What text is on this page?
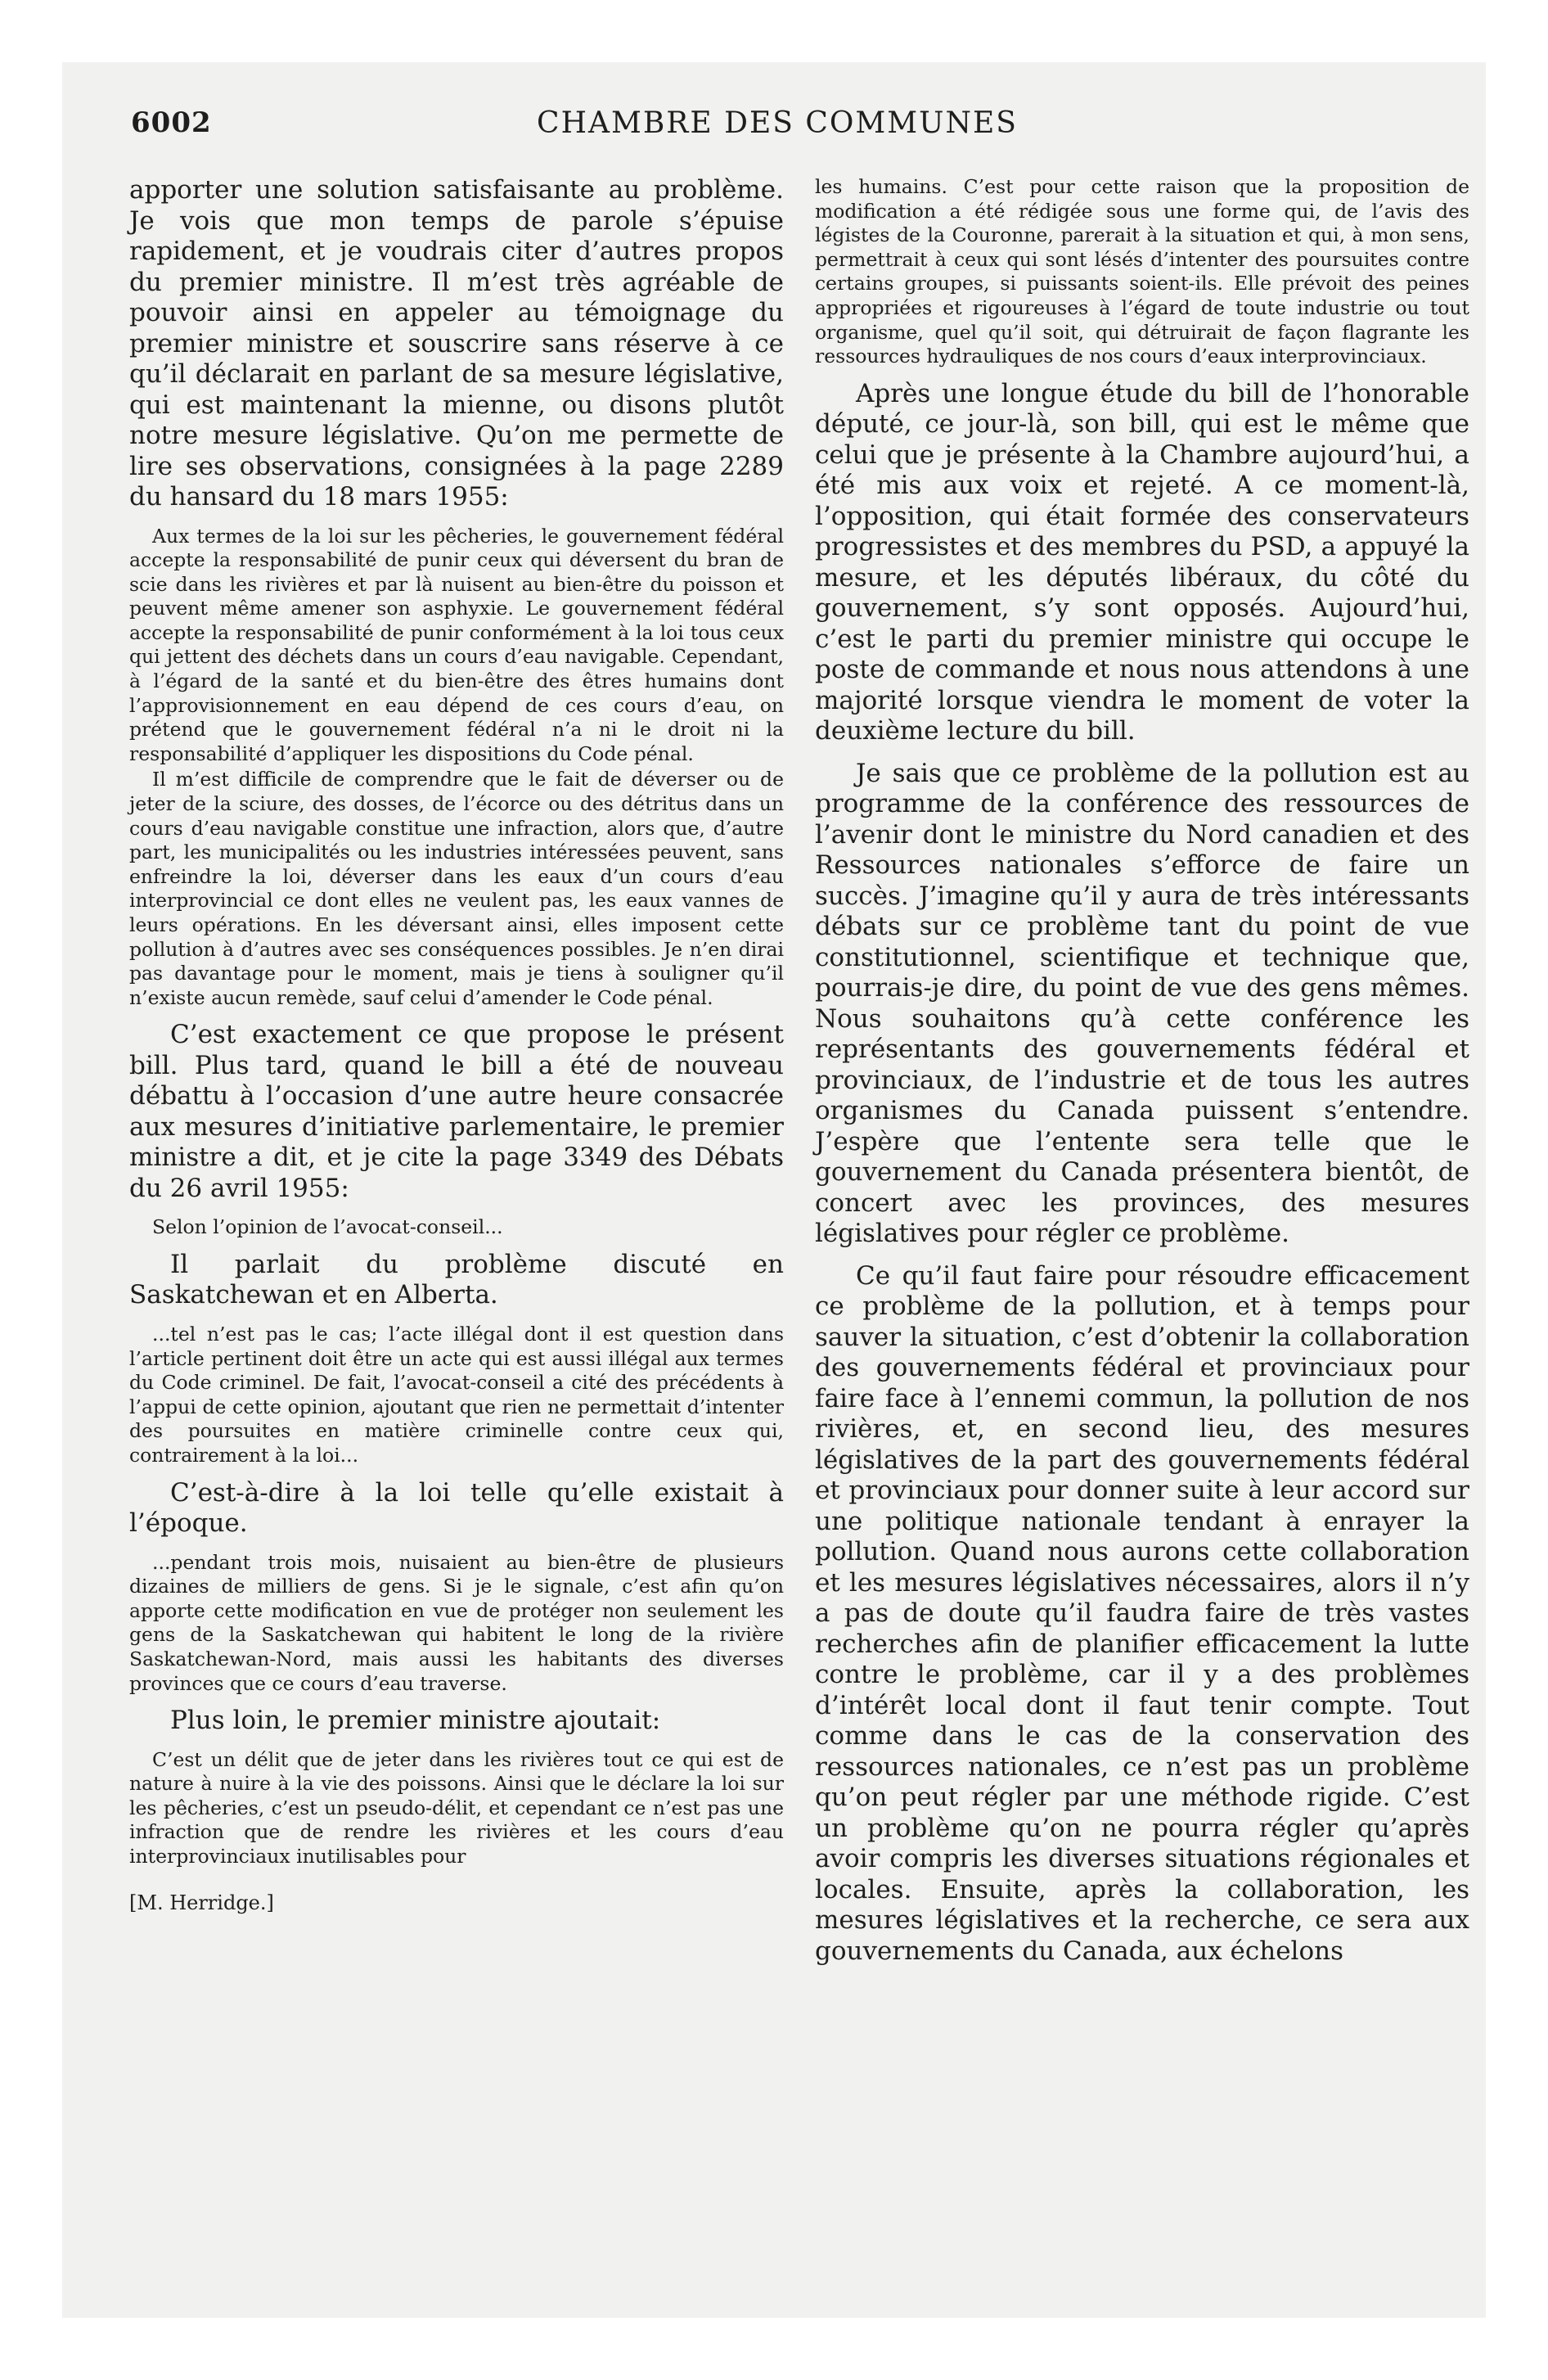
6002	CHAMBRE DES COMMUNES

apporter une solution satisfaisante au problème. Je vois que mon temps de parole s’épuise rapidement, et je voudrais citer d’autres propos du premier ministre. Il m’est très agréable de pouvoir ainsi en appeler au témoignage du premier ministre et souscrire sans réserve à ce qu’il déclarait en parlant de sa mesure législative, qui est maintenant la mienne, ou disons plutôt notre mesure législative. Qu’on me permette de lire ses observations, consignées à la page 2289 du hansard du 18 mars 1955:

Aux termes de la loi sur les pêcheries, le gouvernement fédéral accepte la responsabilité de punir ceux qui déversent du bran de scie dans les rivières et par là nuisent au bien-être du poisson et peuvent même amener son asphyxie. Le gouvernement fédéral accepte la responsabilité de punir conformément à la loi tous ceux qui jettent des déchets dans un cours d’eau navigable. Cependant, à l’égard de la santé et du bien-être des êtres humains dont l’approvisionnement en eau dépend de ces cours d’eau, on prétend que le gouvernement fédéral n’a ni le droit ni la responsabilité d’appliquer les dispositions du Code pénal.

Il m’est difficile de comprendre que le fait de déverser ou de jeter de la sciure, des dosses, de l’écorce ou des détritus dans un cours d’eau navigable constitue une infraction, alors que, d’autre part, les municipalités ou les industries intéressées peuvent, sans enfreindre la loi, déverser dans les eaux d’un cours d’eau interprovincial ce dont elles ne veulent pas, les eaux vannes de leurs opérations. En les déversant ainsi, elles imposent cette pollution à d’autres avec ses conséquences possibles. Je n’en dirai pas davantage pour le moment, mais je tiens à souligner qu’il n’existe aucun remède, sauf celui d’amender le Code pénal.

C’est exactement ce que propose le présent bill. Plus tard, quand le bill a été de nouveau débattu à l’occasion d’une autre heure consacrée aux mesures d’initiative parlementaire, le premier ministre a dit, et je cite la page 3349 des Débats du 26 avril 1955:

Selon l’opinion de l’avocat-conseil...

Il parlait du problème discuté en Saskatchewan et en Alberta.

...tel n’est pas le cas; l’acte illégal dont il est question dans l’article pertinent doit être un acte qui est aussi illégal aux termes du Code criminel. De fait, l’avocat-conseil a cité des précédents à l’appui de cette opinion, ajoutant que rien ne permettait d’intenter des poursuites en matière criminelle contre ceux qui, contrairement à la loi...

C’est-à-dire à la loi telle qu’elle existait à l’époque.

...pendant trois mois, nuisaient au bien-être de plusieurs dizaines de milliers de gens. Si je le signale, c’est afin qu’on apporte cette modification en vue de protéger non seulement les gens de la Saskatchewan qui habitent le long de la rivière Saskatchewan-Nord, mais aussi les habitants des diverses provinces que ce cours d’eau traverse.

Plus loin, le premier ministre ajoutait:

C’est un délit que de jeter dans les rivières tout ce qui est de nature à nuire à la vie des poissons. Ainsi que le déclare la loi sur les pêcheries, c’est un pseudo-délit, et cependant ce n’est pas une infraction que de rendre les rivières et les cours d’eau interprovinciaux inutilisables pour

[M. Herridge.]

les humains. C’est pour cette raison que la proposition de modification a été rédigée sous une forme qui, de l’avis des légistes de la Couronne, parerait à la situation et qui, à mon sens, permettrait à ceux qui sont lésés d’intenter des poursuites contre certains groupes, si puissants soient-ils. Elle prévoit des peines appropriées et rigoureuses à l’égard de toute industrie ou tout organisme, quel qu’il soit, qui détruirait de façon flagrante les ressources hydrauliques de nos cours d’eaux interprovinciaux.

Après une longue étude du bill de l’honorable député, ce jour-là, son bill, qui est le même que celui que je présente à la Chambre aujourd’hui, a été mis aux voix et rejeté. A ce moment-là, l’opposition, qui était formée des conservateurs progressistes et des membres du PSD, a appuyé la mesure, et les députés libéraux, du côté du gouvernement, s’y sont opposés. Aujourd’hui, c’est le parti du premier ministre qui occupe le poste de commande et nous nous attendons à une majorité lorsque viendra le moment de voter la deuxième lecture du bill.

Je sais que ce problème de la pollution est au programme de la conférence des ressources de l’avenir dont le ministre du Nord canadien et des Ressources nationales s’efforce de faire un succès. J’imagine qu’il y aura de très intéressants débats sur ce problème tant du point de vue constitutionnel, scientifique et technique que, pourrais-je dire, du point de vue des gens mêmes. Nous souhaitons qu’à cette conférence les représentants des gouvernements fédéral et provinciaux, de l’industrie et de tous les autres organismes du Canada puissent s’entendre. J’espère que l’entente sera telle que le gouvernement du Canada présentera bientôt, de concert avec les provinces, des mesures législatives pour régler ce problème.

Ce qu’il faut faire pour résoudre efficacement ce problème de la pollution, et à temps pour sauver la situation, c’est d’obtenir la collaboration des gouvernements fédéral et provinciaux pour faire face à l’ennemi commun, la pollution de nos rivières, et, en second lieu, des mesures législatives de la part des gouvernements fédéral et provinciaux pour donner suite à leur accord sur une politique nationale tendant à enrayer la pollution. Quand nous aurons cette collaboration et les mesures législatives nécessaires, alors il n’y a pas de doute qu’il faudra faire de très vastes recherches afin de planifier efficacement la lutte contre le problème, car il y a des problèmes d’intérêt local dont il faut tenir compte. Tout comme dans le cas de la conservation des ressources nationales, ce n’est pas un problème qu’on peut régler par une méthode rigide. C’est un problème qu’on ne pourra régler qu’après avoir compris les diverses situations régionales et locales. Ensuite, après la collaboration, les mesures législatives et la recherche, ce sera aux gouvernements du Canada, aux échelons
